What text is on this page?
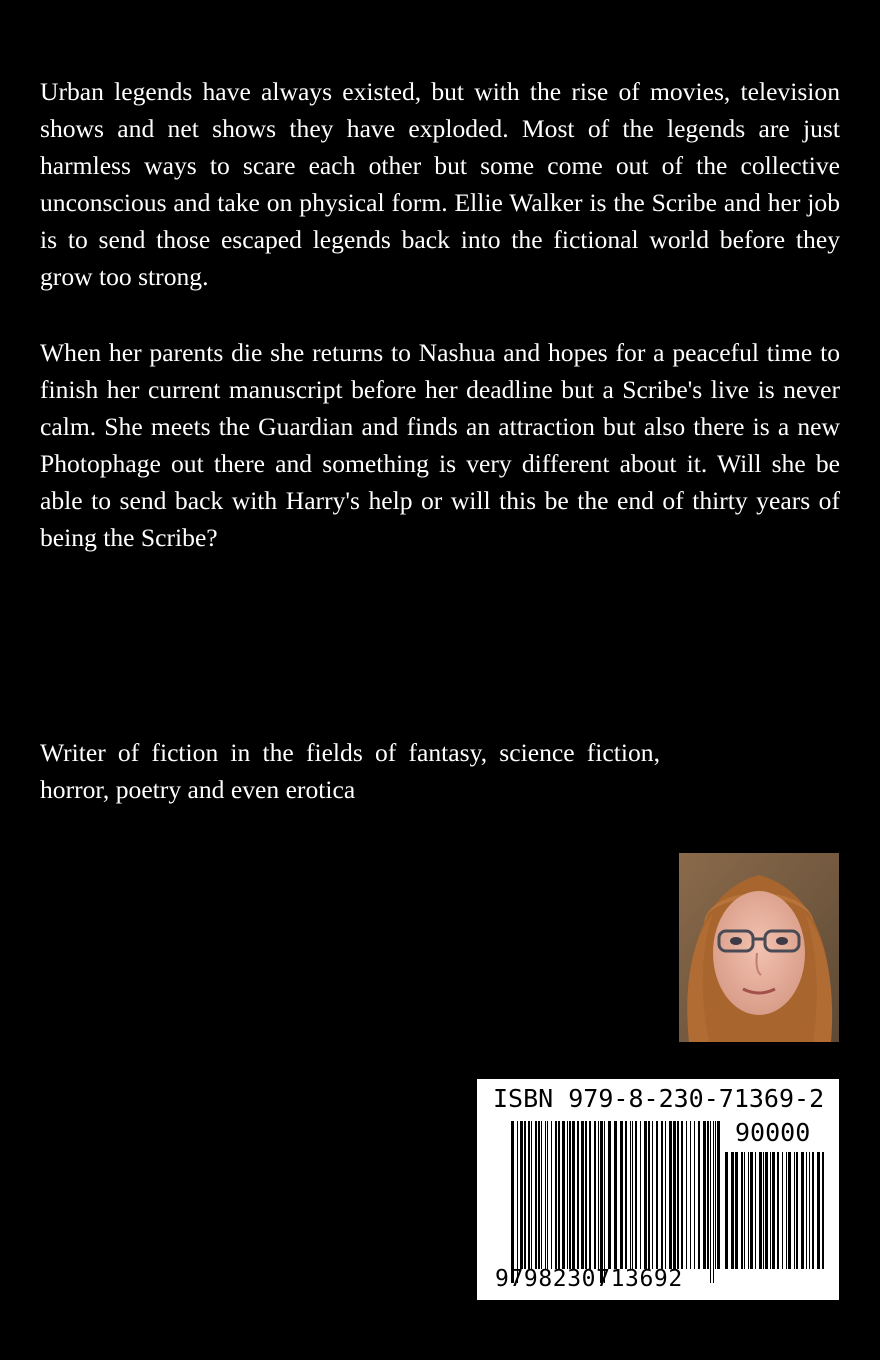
Urban legends have always existed, but with the rise of movies, television shows and net shows they have exploded. Most of the legends are just harmless ways to scare each other but some come out of the collective unconscious and take on physical form. Ellie Walker is the Scribe and her job is to send those escaped legends back into the fictional world before they grow too strong.

When her parents die she returns to Nashua and hopes for a peaceful time to finish her current manuscript before her deadline but a Scribe's live is never calm. She meets the Guardian and finds an attraction but also there is a new Photophage out there and something is very different about it. Will she be able to send back with Harry's help or will this be the end of thirty years of being the Scribe?

Writer of fiction in the fields of fantasy, science fiction, horror, poetry and even erotica

ISBN 979-8-230-71369-2
90000
9798230713692
